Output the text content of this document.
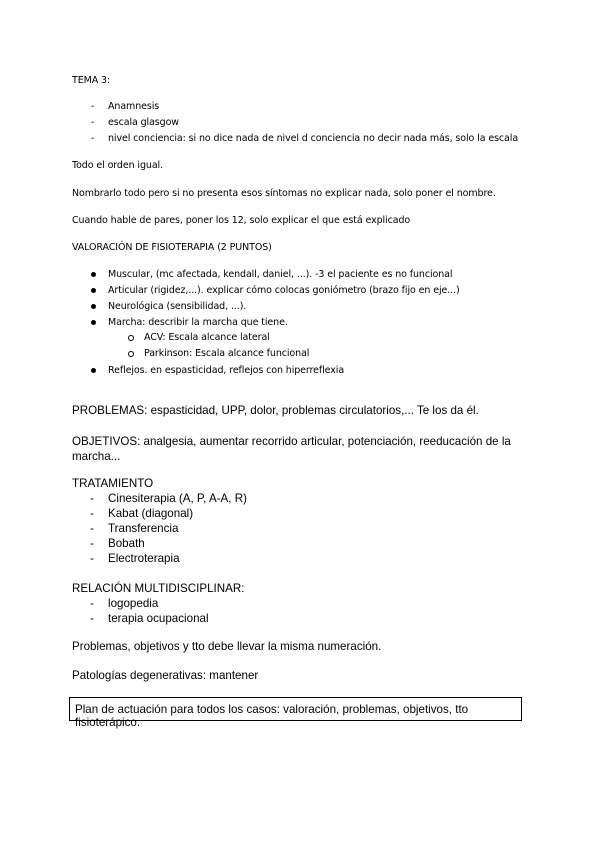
TEMA 3:
- Anamnesis
- escala glasgow
- nivel conciencia: si no dice nada de nivel d conciencia no decir nada más, solo la escala
Todo el orden igual.
Nombrarlo todo pero si no presenta esos síntomas no explicar nada, solo poner el nombre.
Cuando hable de pares, poner los 12, solo explicar el que está explicado
VALORACIÓN DE FISIOTERAPIA (2 PUNTOS)
Muscular, (mc afectada, kendall, daniel, ...). -3 el paciente es no funcional
Articular (rigidez,...). explicar cómo colocas goniómetro (brazo fijo en eje...)
Neurológica (sensibilidad, ...).
Marcha: describir la marcha que tiene.
ACV: Escala alcance lateral
Parkinson: Escala alcance funcional
Reflejos. en espasticidad, reflejos con hiperreflexia
PROBLEMAS: espasticidad, UPP, dolor, problemas circulatorios,... Te los da él.
OBJETIVOS: analgesia, aumentar recorrido articular, potenciación, reeducación de la
marcha...
TRATAMIENTO
- Cinesiterapia (A, P, A-A, R)
- Kabat (diagonal)
- Transferencia
- Bobath
- Electroterapia
RELACIÓN MULTIDISCIPLINAR:
- logopedia
- terapia ocupacional
Problemas, objetivos y tto debe llevar la misma numeración.
Patologías degenerativas: mantener
Plan de actuación para todos los casos: valoración, problemas, objetivos, tto fisioterápico.
